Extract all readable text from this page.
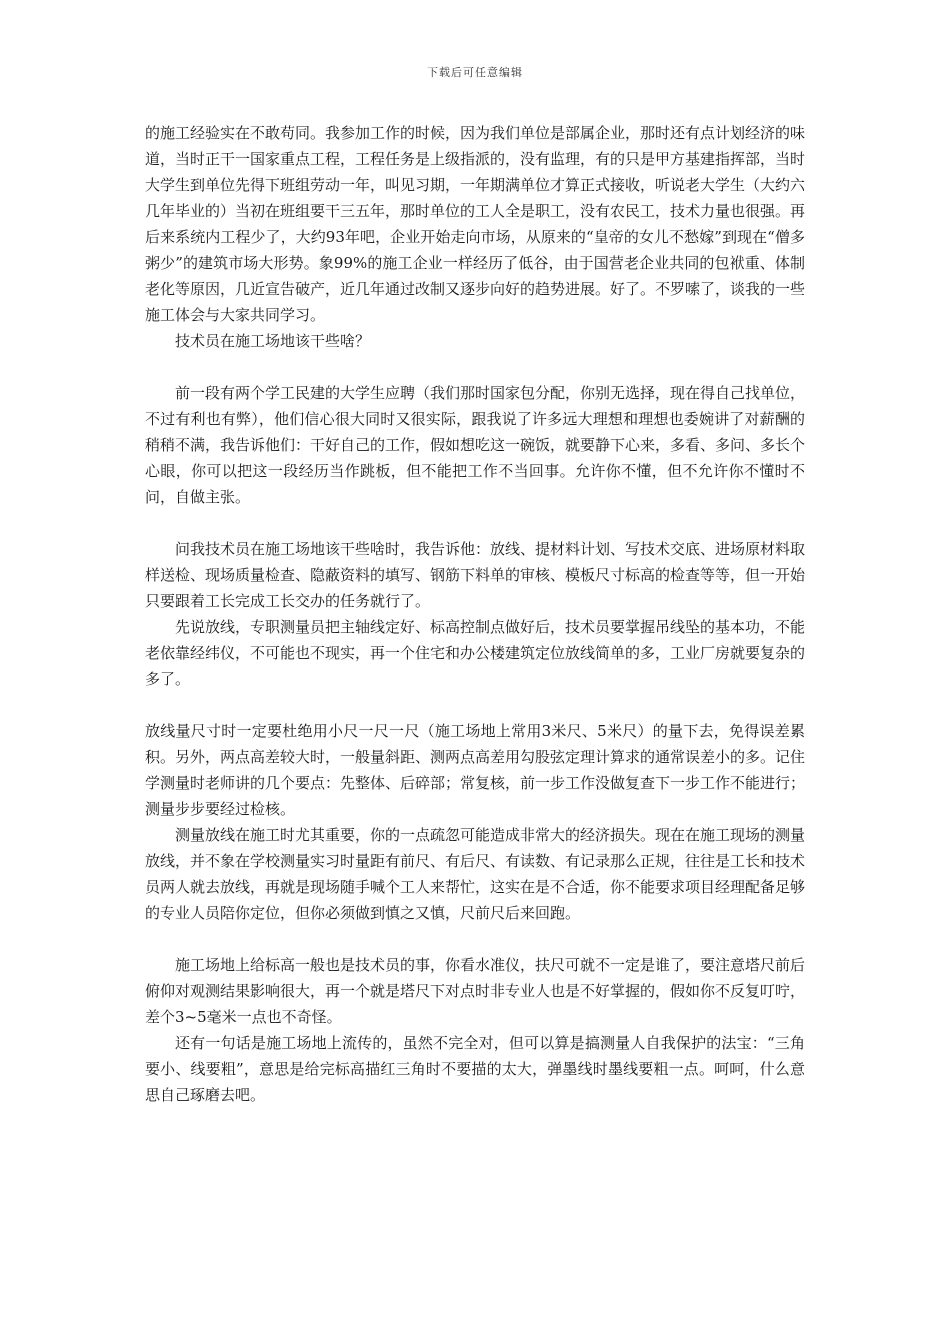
下载后可任意编辑

的施工经验实在不敢苟同。我参加工作的时候，因为我们单位是部属企业，那时还有点计划经济的味道，当时正干一国家重点工程，工程任务是上级指派的，没有监理，有的只是甲方基建指挥部，当时大学生到单位先得下班组劳动一年，叫见习期，一年期满单位才算正式接收，听说老大学生（大约六几年毕业的）当初在班组要干三五年，那时单位的工人全是职工，没有农民工，技术力量也很强。再后来系统内工程少了，大约93年吧，企业开始走向市场，从原来的“皇帝的女儿不愁嫁”到现在“僧多粥少”的建筑市场大形势。象99%的施工企业一样经历了低谷，由于国营老企业共同的包袱重、体制老化等原因，几近宣告破产，近几年通过改制又逐步向好的趋势进展。好了。不罗嗦了，谈我的一些施工体会与大家共同学习。

技术员在施工场地该干些啥？

前一段有两个学工民建的大学生应聘（我们那时国家包分配，你别无选择，现在得自己找单位，不过有利也有弊），他们信心很大同时又很实际，跟我说了许多远大理想和理想也委婉讲了对薪酬的稍稍不满，我告诉他们：干好自己的工作，假如想吃这一碗饭，就要静下心来，多看、多问、多长个心眼，你可以把这一段经历当作跳板，但不能把工作不当回事。允许你不懂，但不允许你不懂时不问，自做主张。

问我技术员在施工场地该干些啥时，我告诉他：放线、提材料计划、写技术交底、进场原材料取样送检、现场质量检查、隐蔽资料的填写、钢筋下料单的审核、模板尺寸标高的检查等等，但一开始只要跟着工长完成工长交办的任务就行了。

先说放线，专职测量员把主轴线定好、标高控制点做好后，技术员要掌握吊线坠的基本功，不能老依靠经纬仪，不可能也不现实，再一个住宅和办公楼建筑定位放线简单的多，工业厂房就要复杂的多了。

放线量尺寸时一定要杜绝用小尺一尺一尺（施工场地上常用3米尺、5米尺）的量下去，免得误差累积。另外，两点高差较大时，一般量斜距、测两点高差用勾股弦定理计算求的通常误差小的多。记住学测量时老师讲的几个要点：先整体、后碎部；常复核，前一步工作没做复查下一步工作不能进行；测量步步要经过检核。

测量放线在施工时尤其重要，你的一点疏忽可能造成非常大的经济损失。现在在施工现场的测量放线，并不象在学校测量实习时量距有前尺、有后尺、有读数、有记录那么正规，往往是工长和技术员两人就去放线，再就是现场随手喊个工人来帮忙，这实在是不合适，你不能要求项目经理配备足够的专业人员陪你定位，但你必须做到慎之又慎，尺前尺后来回跑。

施工场地上给标高一般也是技术员的事，你看水准仪，扶尺可就不一定是谁了，要注意塔尺前后俯仰对观测结果影响很大，再一个就是塔尺下对点时非专业人也是不好掌握的，假如你不反复叮咛，差个3~5毫米一点也不奇怪。

还有一句话是施工场地上流传的，虽然不完全对，但可以算是搞测量人自我保护的法宝：“三角要小、线要粗”，意思是给完标高描红三角时不要描的太大，弹墨线时墨线要粗一点。呵呵，什么意思自己琢磨去吧。
